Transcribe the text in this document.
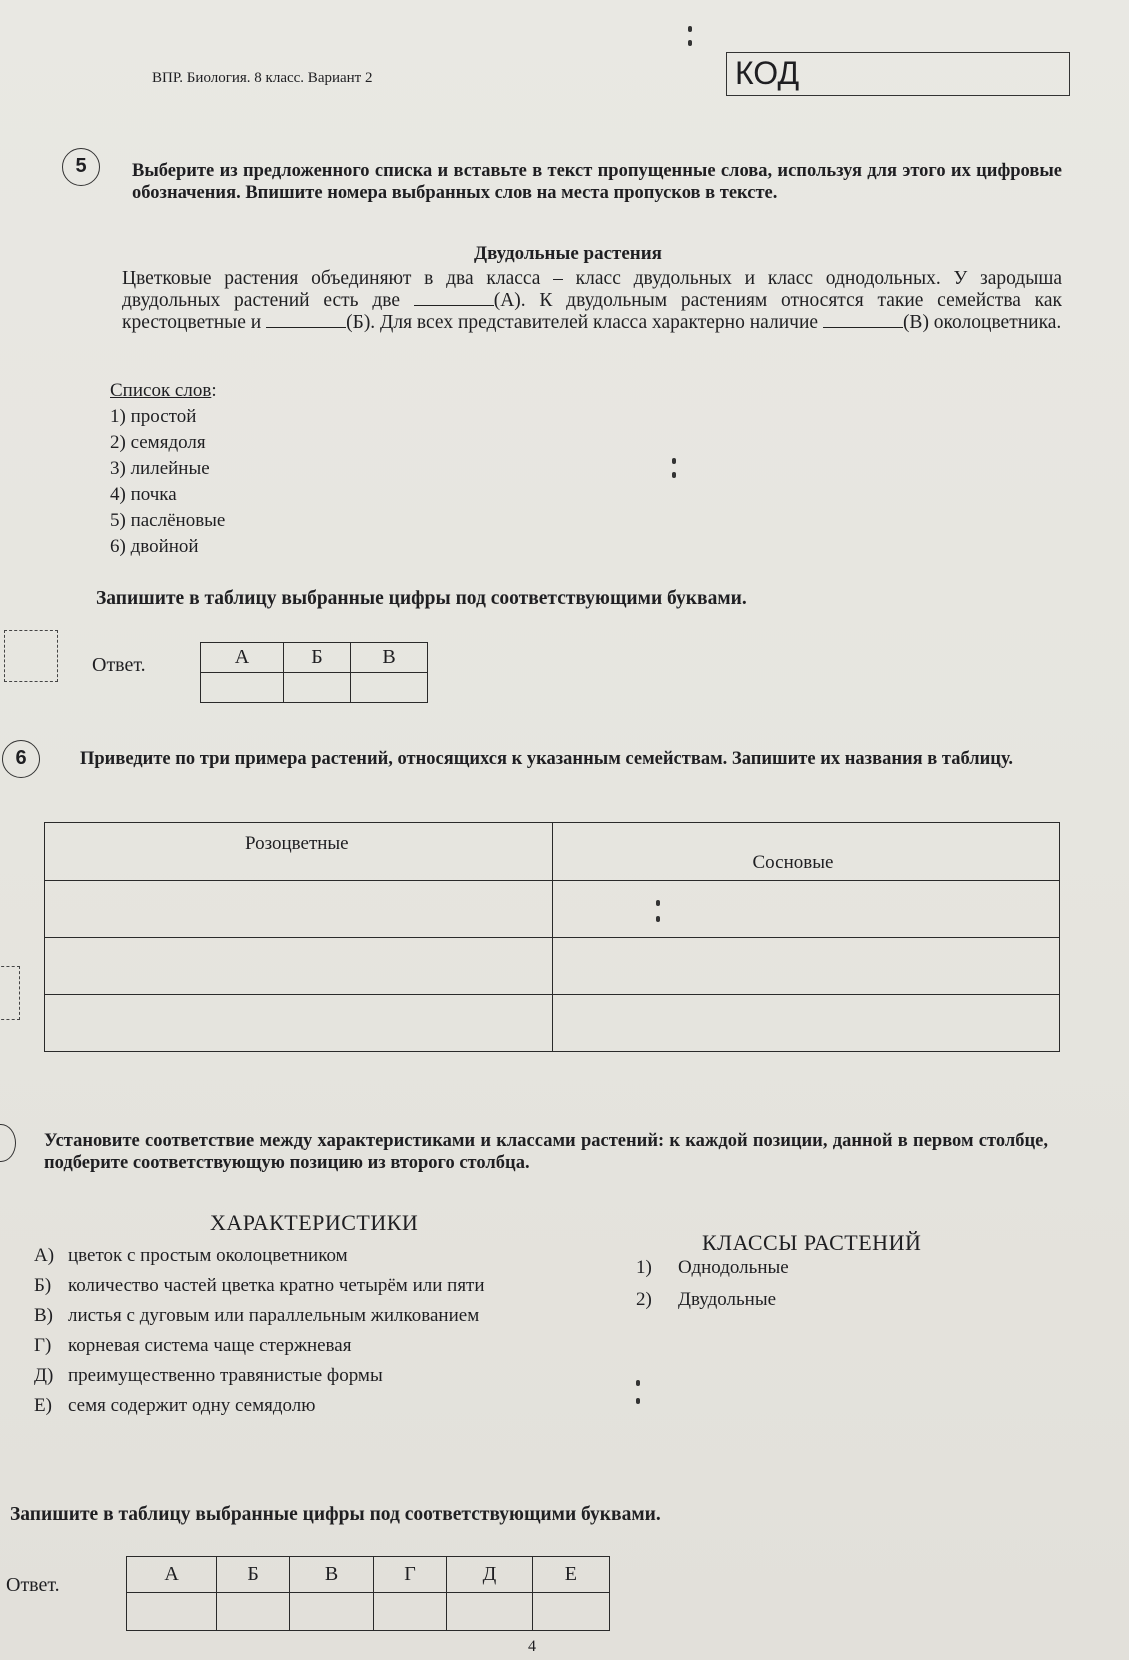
ВПР. Биология. 8 класс. Вариант 2	КОД
5	Выберите из предложенного списка и вставьте в текст пропущенные слова, используя для этого их цифровые обозначения. Впишите номера выбранных слов на места пропусков в тексте.
Двудольные растения
Цветковые растения объединяют в два класса – класс двудольных и класс однодольных. У зародыша двудольных растений есть две	(А). К двудольным растениям относятся такие семейства как крестоцветные и	(Б). Для всех представителей класса характерно наличие	(В) околоцветника.
Список слов:
1) простой
2) семядоля
3) лилейные
4) почка
5) паслёновые
6) двойной
Запишите в таблицу выбранные цифры под соответствующими буквами.
Ответ.	А	Б	В

6	Приведите по три примера растений, относящихся к указанным семействам. Запишите их названия в таблицу.
Розоцветные	Сосновые

Установите соответствие между характеристиками и классами растений: к каждой позиции, данной в первом столбце, подберите соответствующую позицию из второго столбца.
ХАРАКТЕРИСТИКИ
КЛАССЫ РАСТЕНИЙ
А) цветок с простым околоцветником
Б) количество частей цветка кратно четырём или пяти
В) листья с дуговым или параллельным жилкованием
Г) корневая система чаще стержневая
Д) преимущественно травянистые формы
Е) семя содержит одну семядолю
1) Однодольные
2) Двудольные
Запишите в таблицу выбранные цифры под соответствующими буквами.
Ответ.	А	Б	В	Г	Д	Е

4
